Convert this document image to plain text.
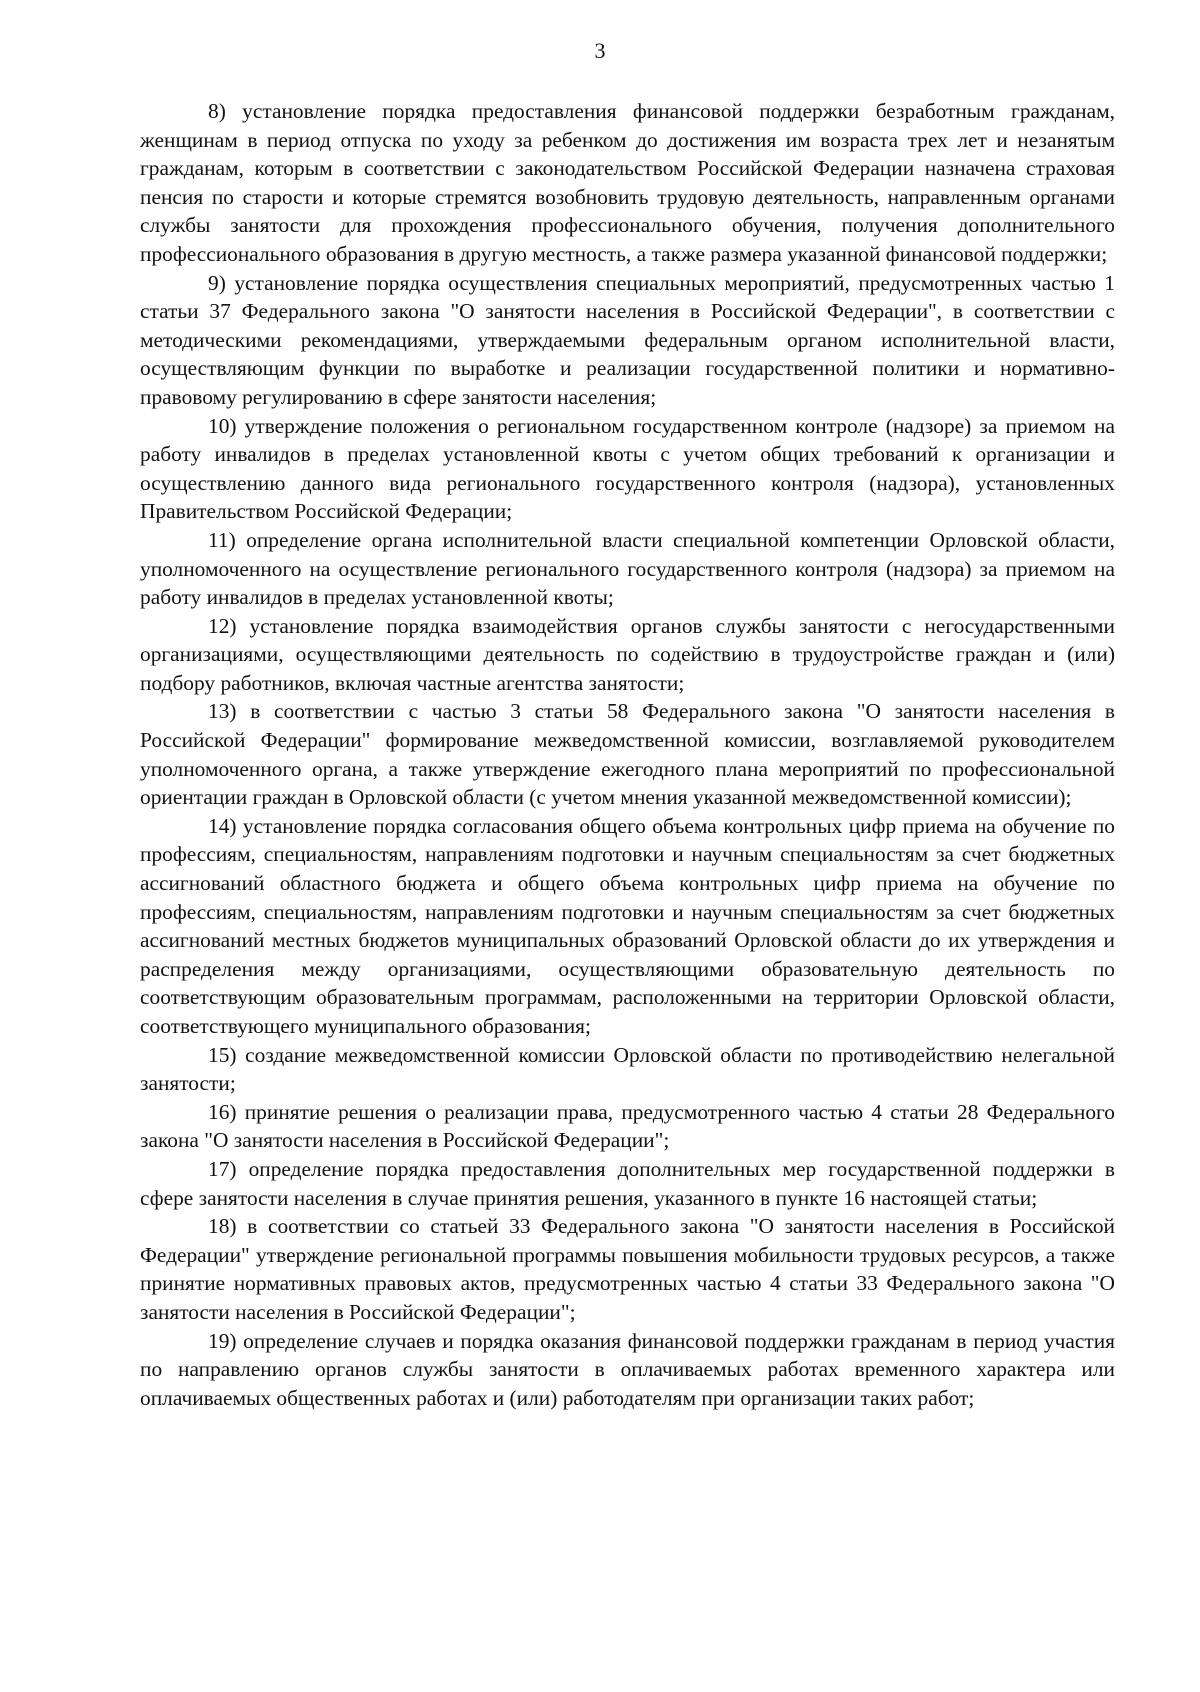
3

8) установление порядка предоставления финансовой поддержки безработным гражданам, женщинам в период отпуска по уходу за ребенком до достижения им возраста трех лет и незанятым гражданам, которым в соответствии с законодательством Российской Федерации назначена страховая пенсия по старости и которые стремятся возобновить трудовую деятельность, направленным органами службы занятости для прохождения профессионального обучения, получения дополнительного профессионального образования в другую местность, а также размера указанной финансовой поддержки;

9) установление порядка осуществления специальных мероприятий, предусмотренных частью 1 статьи 37 Федерального закона "О занятости населения в Российской Федерации", в соответствии с методическими рекомендациями, утверждаемыми федеральным органом исполнительной власти, осуществляющим функции по выработке и реализации государственной политики и нормативно-правовому регулированию в сфере занятости населения;

10) утверждение положения о региональном государственном контроле (надзоре) за приемом на работу инвалидов в пределах установленной квоты с учетом общих требований к организации и осуществлению данного вида регионального государственного контроля (надзора), установленных Правительством Российской Федерации;

11) определение органа исполнительной власти специальной компетенции Орловской области, уполномоченного на осуществление регионального государственного контроля (надзора) за приемом на работу инвалидов в пределах установленной квоты;

12) установление порядка взаимодействия органов службы занятости с негосударственными организациями, осуществляющими деятельность по содействию в трудоустройстве граждан и (или) подбору работников, включая частные агентства занятости;

13) в соответствии с частью 3 статьи 58 Федерального закона "О занятости населения в Российской Федерации" формирование межведомственной комиссии, возглавляемой руководителем уполномоченного органа, а также утверждение ежегодного плана мероприятий по профессиональной ориентации граждан в Орловской области (с учетом мнения указанной межведомственной комиссии);

14) установление порядка согласования общего объема контрольных цифр приема на обучение по профессиям, специальностям, направлениям подготовки и научным специальностям за счет бюджетных ассигнований областного бюджета и общего объема контрольных цифр приема на обучение по профессиям, специальностям, направлениям подготовки и научным специальностям за счет бюджетных ассигнований местных бюджетов муниципальных образований Орловской области до их утверждения и распределения между организациями, осуществляющими образовательную деятельность по соответствующим образовательным программам, расположенными на территории Орловской области, соответствующего муниципального образования;

15) создание межведомственной комиссии Орловской области по противодействию нелегальной занятости;

16) принятие решения о реализации права, предусмотренного частью 4 статьи 28 Федерального закона "О занятости населения в Российской Федерации";

17) определение порядка предоставления дополнительных мер государственной поддержки в сфере занятости населения в случае принятия решения, указанного в пункте 16 настоящей статьи;

18) в соответствии со статьей 33 Федерального закона "О занятости населения в Российской Федерации" утверждение региональной программы повышения мобильности трудовых ресурсов, а также принятие нормативных правовых актов, предусмотренных частью 4 статьи 33 Федерального закона "О занятости населения в Российской Федерации";

19) определение случаев и порядка оказания финансовой поддержки гражданам в период участия по направлению органов службы занятости в оплачиваемых работах временного характера или оплачиваемых общественных работах и (или) работодателям при организации таких работ;
